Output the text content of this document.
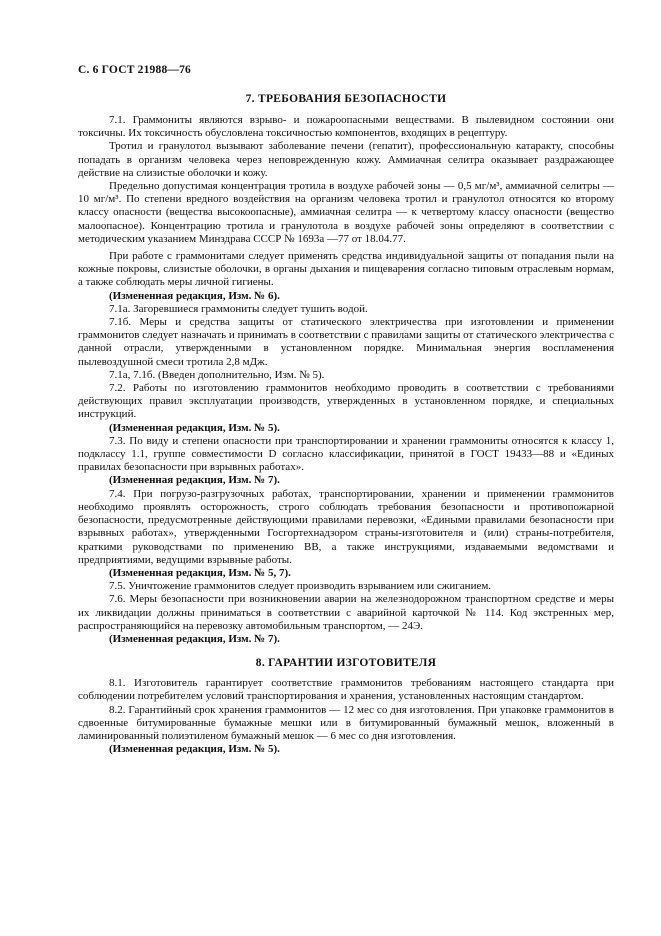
С. 6 ГОСТ 21988—76
7. ТРЕБОВАНИЯ БЕЗОПАСНОСТИ

7.1. Граммониты являются взрыво- и пожароопасными веществами. В пылевидном состоянии они токсичны. Их токсичность обусловлена токсичностью компонентов, входящих в рецептуру.

Тротил и гранулотол вызывают заболевание печени (гепатит), профессиональную катаракту, способны попадать в организм человека через неповрежденную кожу. Аммиачная селитра оказывает раздражающее действие на слизистые оболочки и кожу.

Предельно допустимая концентрация тротила в воздухе рабочей зоны — 0,5 мг/м³, аммиачной селитры — 10 мг/м³. По степени вредного воздействия на организм человека тротил и гранулотол относятся ко второму классу опасности (вещества высокоопасные), аммиачная селитра — к четвертому классу опасности (вещество малоопасное). Концентрацию тротила и гранулотола в воздухе рабочей зоны определяют в соответствии с методическим указанием Минздрава СССР № 1693а —77 от 18.04.77.

При работе с граммонитами следует применять средства индивидуальной защиты от попадания пыли на кожные покровы, слизистые оболочки, в органы дыхания и пищеварения согласно типовым отраслевым нормам, а также соблюдать меры личной гигиены.

(Измененная редакция, Изм. № 6).

7.1а. Загоревшиеся граммониты следует тушить водой.

7.1б. Меры и средства защиты от статического электричества при изготовлении и применении граммонитов следует назначать и принимать в соответствии с правилами защиты от статического электричества с данной отрасли, утвержденными в установленном порядке. Минимальная энергия воспламенения пылевоздушной смеси тротила 2,8 мДж.

7.1а, 7.1б. (Введен дополнительно, Изм. № 5).

7.2. Работы по изготовлению граммонитов необходимо проводить в соответствии с требованиями действующих правил эксплуатации производств, утвержденных в установленном порядке, и специальных инструкций.

(Измененная редакция, Изм. № 5).

7.3. По виду и степени опасности при транспортировании и хранении граммониты относятся к классу 1, подклассу 1.1, группе совместимости D согласно классификации, принятой в ГОСТ 19433—88 и «Единых правилах безопасности при взрывных работах».

(Измененная редакция, Изм. № 7).

7.4. При погрузо-разгрузочных работах, транспортировании, хранении и применении граммонитов необходимо проявлять осторожность, строго соблюдать требования безопасности и противопожарной безопасности, предусмотренные действующими правилами перевозки, «Едиными правилами безопасности при взрывных работах», утвержденными Госгортехнадзором страны-изготовителя и (или) страны-потребителя, краткими руководствами по применению ВВ, а также инструкциями, издаваемыми ведомствами и предприятиями, ведущими взрывные работы.

(Измененная редакция, Изм. № 5, 7).

7.5. Уничтожение граммонитов следует производить взрыванием или сжиганием.

7.6. Меры безопасности при возникновении аварии на железнодорожном транспортном средстве и меры их ликвидации должны приниматься в соответствии с аварийной карточкой № 114. Код экстренных мер, распространяющийся на перевозку автомобильным транспортом, — 24Э.

(Измененная редакция, Изм. № 7).

8. ГАРАНТИИ ИЗГОТОВИТЕЛЯ

8.1. Изготовитель гарантирует соответствие граммонитов требованиям настоящего стандарта при соблюдении потребителем условий транспортирования и хранения, установленных настоящим стандартом.

8.2. Гарантийный срок хранения граммонитов — 12 мес со дня изготовления. При упаковке граммонитов в сдвоенные битумированные бумажные мешки или в битумированный бумажный мешок, вложенный в ламинированный полиэтиленом бумажный мешок — 6 мес со дня изготовления.

(Измененная редакция, Изм. № 5).
